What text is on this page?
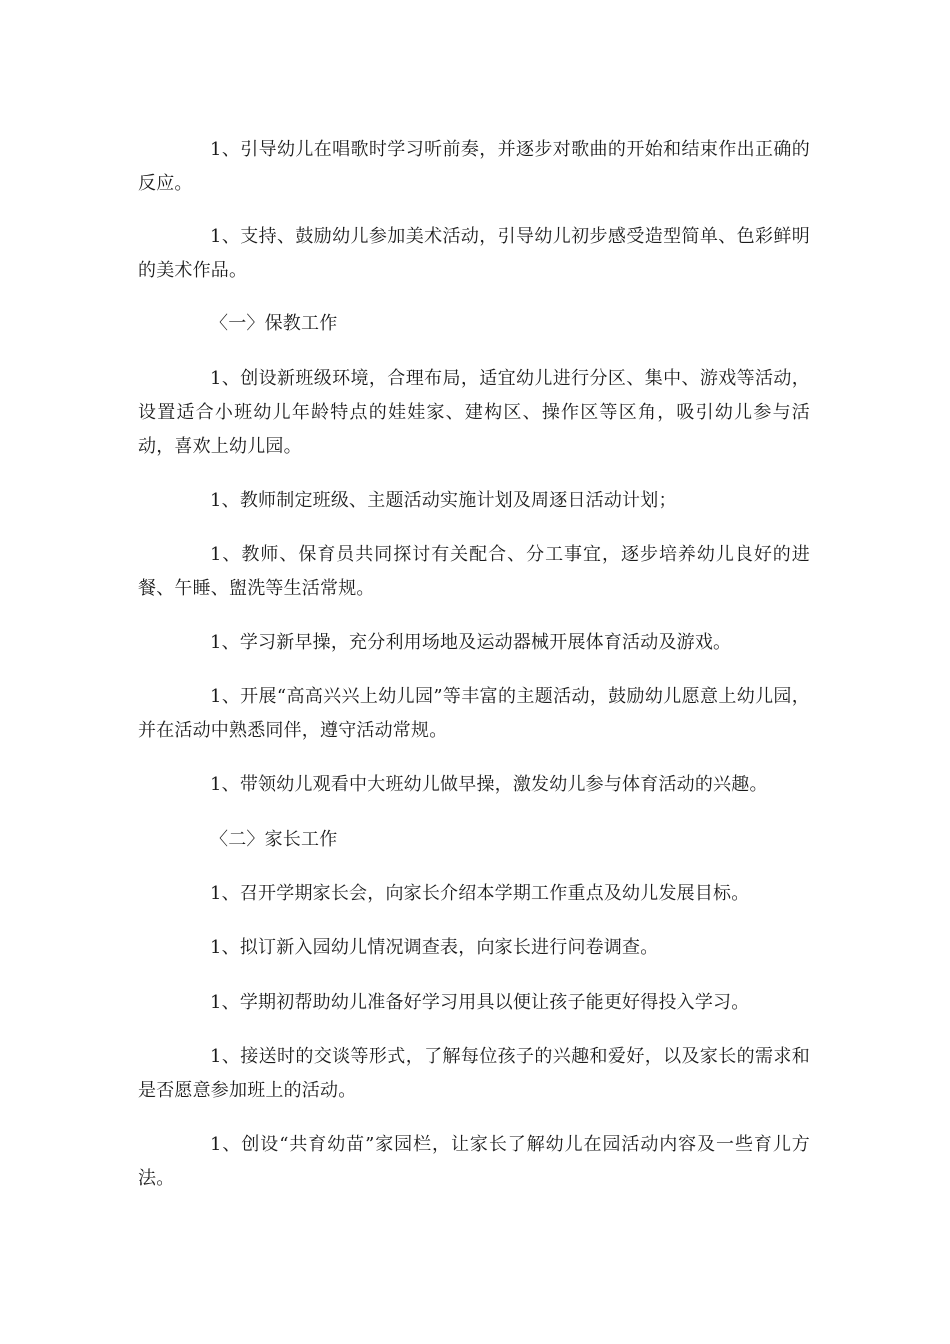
1、引导幼儿在唱歌时学习听前奏，并逐步对歌曲的开始和结束作出正确的反应。

1、支持、鼓励幼儿参加美术活动，引导幼儿初步感受造型简单、色彩鲜明的美术作品。

〈一〉保教工作

1、创设新班级环境，合理布局，适宜幼儿进行分区、集中、游戏等活动，设置适合小班幼儿年龄特点的娃娃家、建构区、操作区等区角，吸引幼儿参与活动，喜欢上幼儿园。

1、教师制定班级、主题活动实施计划及周逐日活动计划；

1、教师、保育员共同探讨有关配合、分工事宜，逐步培养幼儿良好的进餐、午睡、盥洗等生活常规。

1、学习新早操，充分利用场地及运动器械开展体育活动及游戏。

1、开展“高高兴兴上幼儿园”等丰富的主题活动，鼓励幼儿愿意上幼儿园，并在活动中熟悉同伴，遵守活动常规。

1、带领幼儿观看中大班幼儿做早操，激发幼儿参与体育活动的兴趣。

〈二〉家长工作

1、召开学期家长会，向家长介绍本学期工作重点及幼儿发展目标。

1、拟订新入园幼儿情况调查表，向家长进行问卷调查。

1、学期初帮助幼儿准备好学习用具以便让孩子能更好得投入学习。

1、接送时的交谈等形式，了解每位孩子的兴趣和爱好，以及家长的需求和是否愿意参加班上的活动。

1、创设“共育幼苗”家园栏，让家长了解幼儿在园活动内容及一些育儿方法。
